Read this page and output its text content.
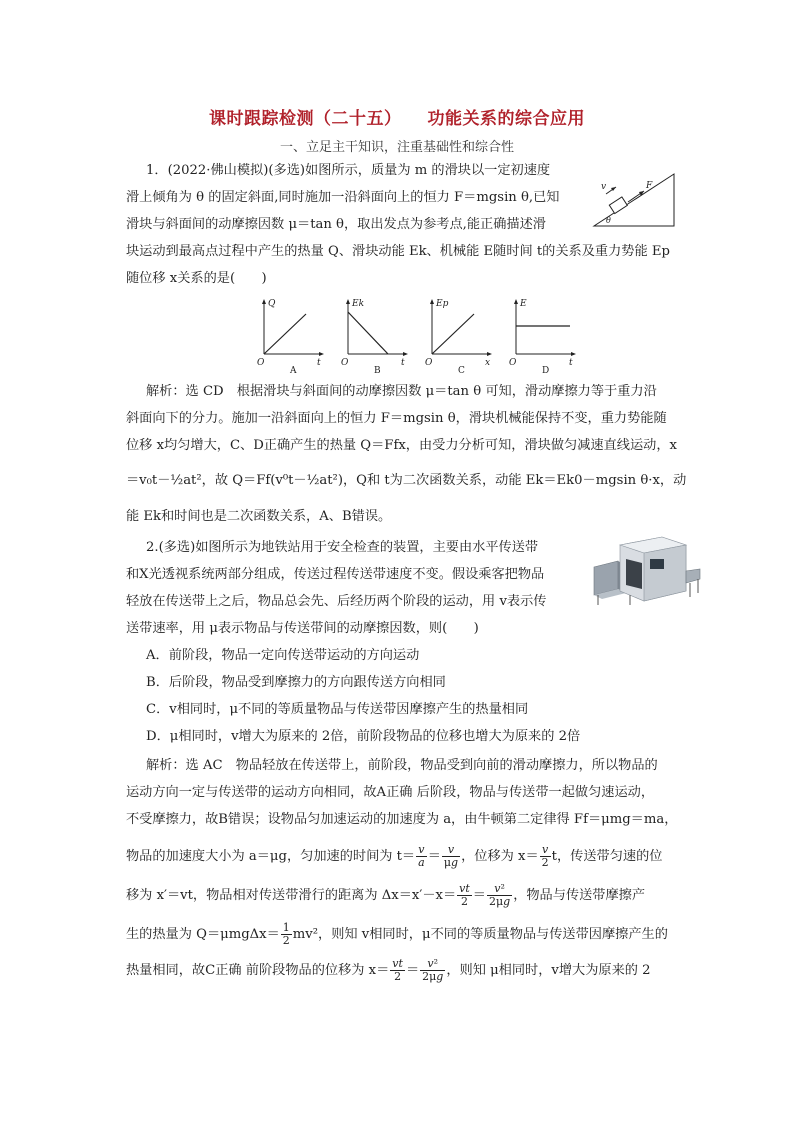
课时跟踪检测（二十五） 功能关系的综合应用
一、立足主干知识，注重基础性和综合性
1．(2022·佛山模拟)(多选)如图所示，质量为 m 的滑块以一定初速度
滑上倾角为 θ 的固定斜面,同时施加一沿斜面向上的恒力 F＝mgsin θ,已知
滑块与斜面间的动摩擦因数 μ＝tan θ，取出发点为参考点,能正确描述滑
块运动到最高点过程中产生的热量 Q、滑块动能 Ek、机械能 E随时间 t的关系及重力势能 Ep
随位移 x关系的是(　　)
v	F
θ
Q
t
O
A
Ek
t
O
B
Ep
x
O
C
E
t
O
D
解析：选 CD　根据滑块与斜面间的动摩擦因数 μ＝tan θ 可知，滑动摩擦力等于重力沿
斜面向下的分力。施加一沿斜面向上的恒力 F＝mgsin θ，滑块机械能保持不变，重力势能随
位移 x均匀增大，C、D正确产生的热量 Q＝Ffx，由受力分析可知，滑块做匀减速直线运动，x
＝v₀t－½at²，故 Q＝Ff(v⁰t－½at²)，Q和 t为二次函数关系，动能 Ek＝Ek0－mgsin θ·x，动
能 Ek和时间也是二次函数关系，A、B错误。
2.(多选)如图所示为地铁站用于安全检查的装置，主要由水平传送带
和X光透视系统两部分组成，传送过程传送带速度不变。假设乘客把物品
轻放在传送带上之后，物品总会先、后经历两个阶段的运动，用 v表示传
送带速率，用 μ表示物品与传送带间的动摩擦因数，则(　　)
A．前阶段，物品一定向传送带运动的方向运动
B．后阶段，物品受到摩擦力的方向跟传送方向相同
C．v相同时，μ不同的等质量物品与传送带因摩擦产生的热量相同
D．μ相同时，v增大为原来的 2倍，前阶段物品的位移也增大为原来的 2倍
解析：选 AC　物品轻放在传送带上，前阶段，物品受到向前的滑动摩擦力，所以物品的
运动方向一定与传送带的运动方向相同，故A正确 后阶段，物品与传送带一起做匀速运动，
不受摩擦力，故B错误；设物品匀加速运动的加速度为 a，由牛顿第二定律得 Ff＝μmg＝ma，
物品的加速度大小为 a＝μg，匀加速的时间为 $t= \frac{v}{a} = \frac{v}{\mu g}$ ，位移为 $x= \frac{v}{2}$ t，传送带匀速的位
移为 x′＝vt，物品相对传送带滑行的距离为 $\Delta x=x'-x= \frac{vt}{2} = \frac{\text{v²}}{2\mu g}$ ，物品与传送带摩擦产
生的热量为 $Q=\mu mg\Delta x= \frac{1}{2} mv^2$，则知 v相同时，μ不同的等质量物品与传送带因摩擦产生的
热量相同，故C正确 前阶段物品的位移为 $x= \frac{vt}{2} = \frac{\text{v²}}{2\mu g}$ ，则知 μ相同时，v增大为原来的 2
